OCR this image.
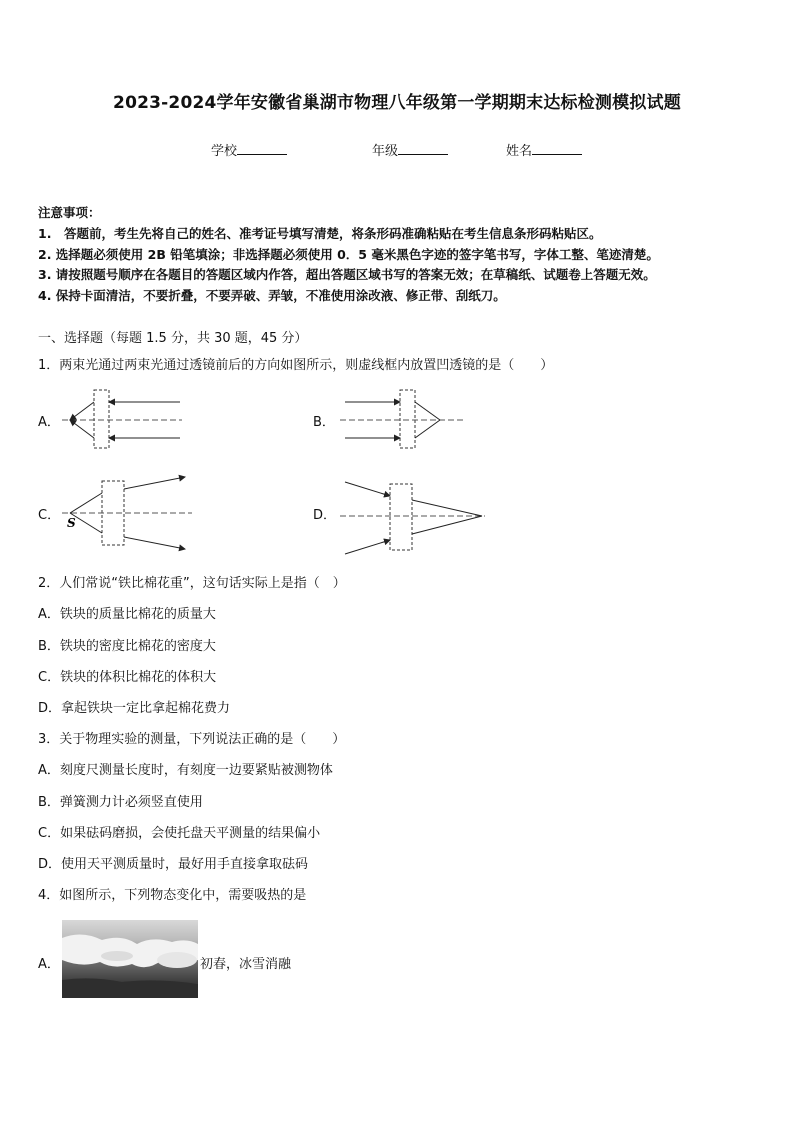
2023-2024学年安徽省巢湖市物理八年级第一学期期末达标检测模拟试题
学校	年级	姓名
注意事项：
1.　答题前，考生先将自己的姓名、准考证号填写清楚，将条形码准确粘贴在考生信息条形码粘贴区。
2. 选择题必须使用 2B 铅笔填涂；非选择题必须使用 0．5 毫米黑色字迹的签字笔书写，字体工整、笔迹清楚。
3. 请按照题号顺序在各题目的答题区域内作答，超出答题区域书写的答案无效；在草稿纸、试题卷上答题无效。
4. 保持卡面清洁，不要折叠，不要弄破、弄皱，不准使用涂改液、修正带、刮纸刀。
一、选择题（每题 1.5 分，共 30 题，45 分）
1．两束光通过两束光通过透镜前后的方向如图所示，则虚线框内放置凹透镜的是（　　）
A．	B．
C． S	D．
2．人们常说“铁比棉花重”，这句话实际上是指（　）
A．铁块的质量比棉花的质量大
B．铁块的密度比棉花的密度大
C．铁块的体积比棉花的体积大
D．拿起铁块一定比拿起棉花费力
3．关于物理实验的测量，下列说法正确的是（　　）
A．刻度尺测量长度时，有刻度一边要紧贴被测物体
B．弹簧测力计必须竖直使用
C．如果砝码磨损，会使托盘天平测量的结果偏小
D．使用天平测质量时，最好用手直接拿取砝码
4．如图所示，下列物态变化中，需要吸热的是
A．	初春，冰雪消融
